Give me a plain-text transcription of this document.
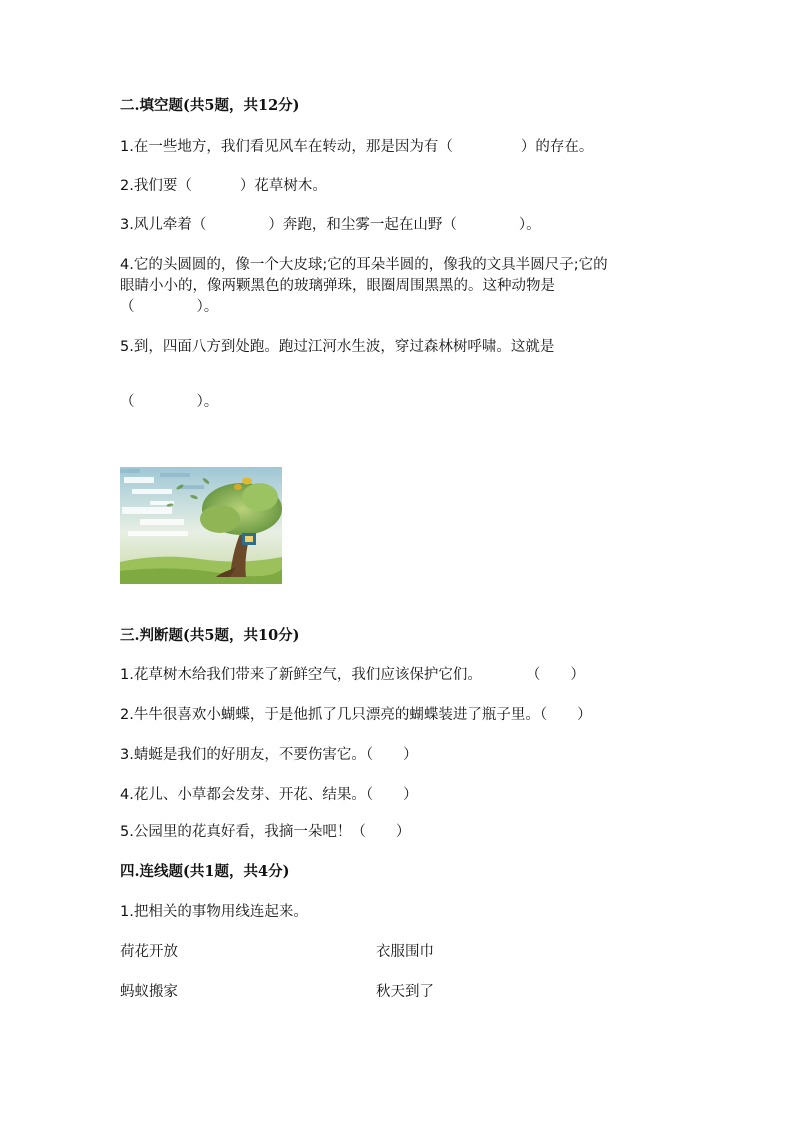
二.填空题(共5题，共12分)
1.在一些地方，我们看见风车在转动，那是因为有（	）的存在。
2.我们要（	）花草树木。
3.风儿牵着（	）奔跑，和尘雾一起在山野（	）。
4.它的头圆圆的，像一个大皮球;它的耳朵半圆的，像我的文具半圆尺子;它的
眼睛小小的，像两颗黑色的玻璃弹珠，眼圈周围黑黑的。这种动物是
（	）。
5.到，四面八方到处跑。跑过江河水生波，穿过森林树呼啸。这就是
（	）。
三.判断题(共5题，共10分)
1.花草树木给我们带来了新鲜空气，我们应该保护它们。	（ ）
2.牛牛很喜欢小蝴蝶，于是他抓了几只漂亮的蝴蝶装进了瓶子里。（ ）
3.蜻蜓是我们的好朋友，不要伤害它。（ ）
4.花儿、小草都会发芽、开花、结果。（ ）
5.公园里的花真好看，我摘一朵吧！（ ）
四.连线题(共1题，共4分)
1.把相关的事物用线连起来。
荷花开放	衣服围巾
蚂蚁搬家	秋天到了
